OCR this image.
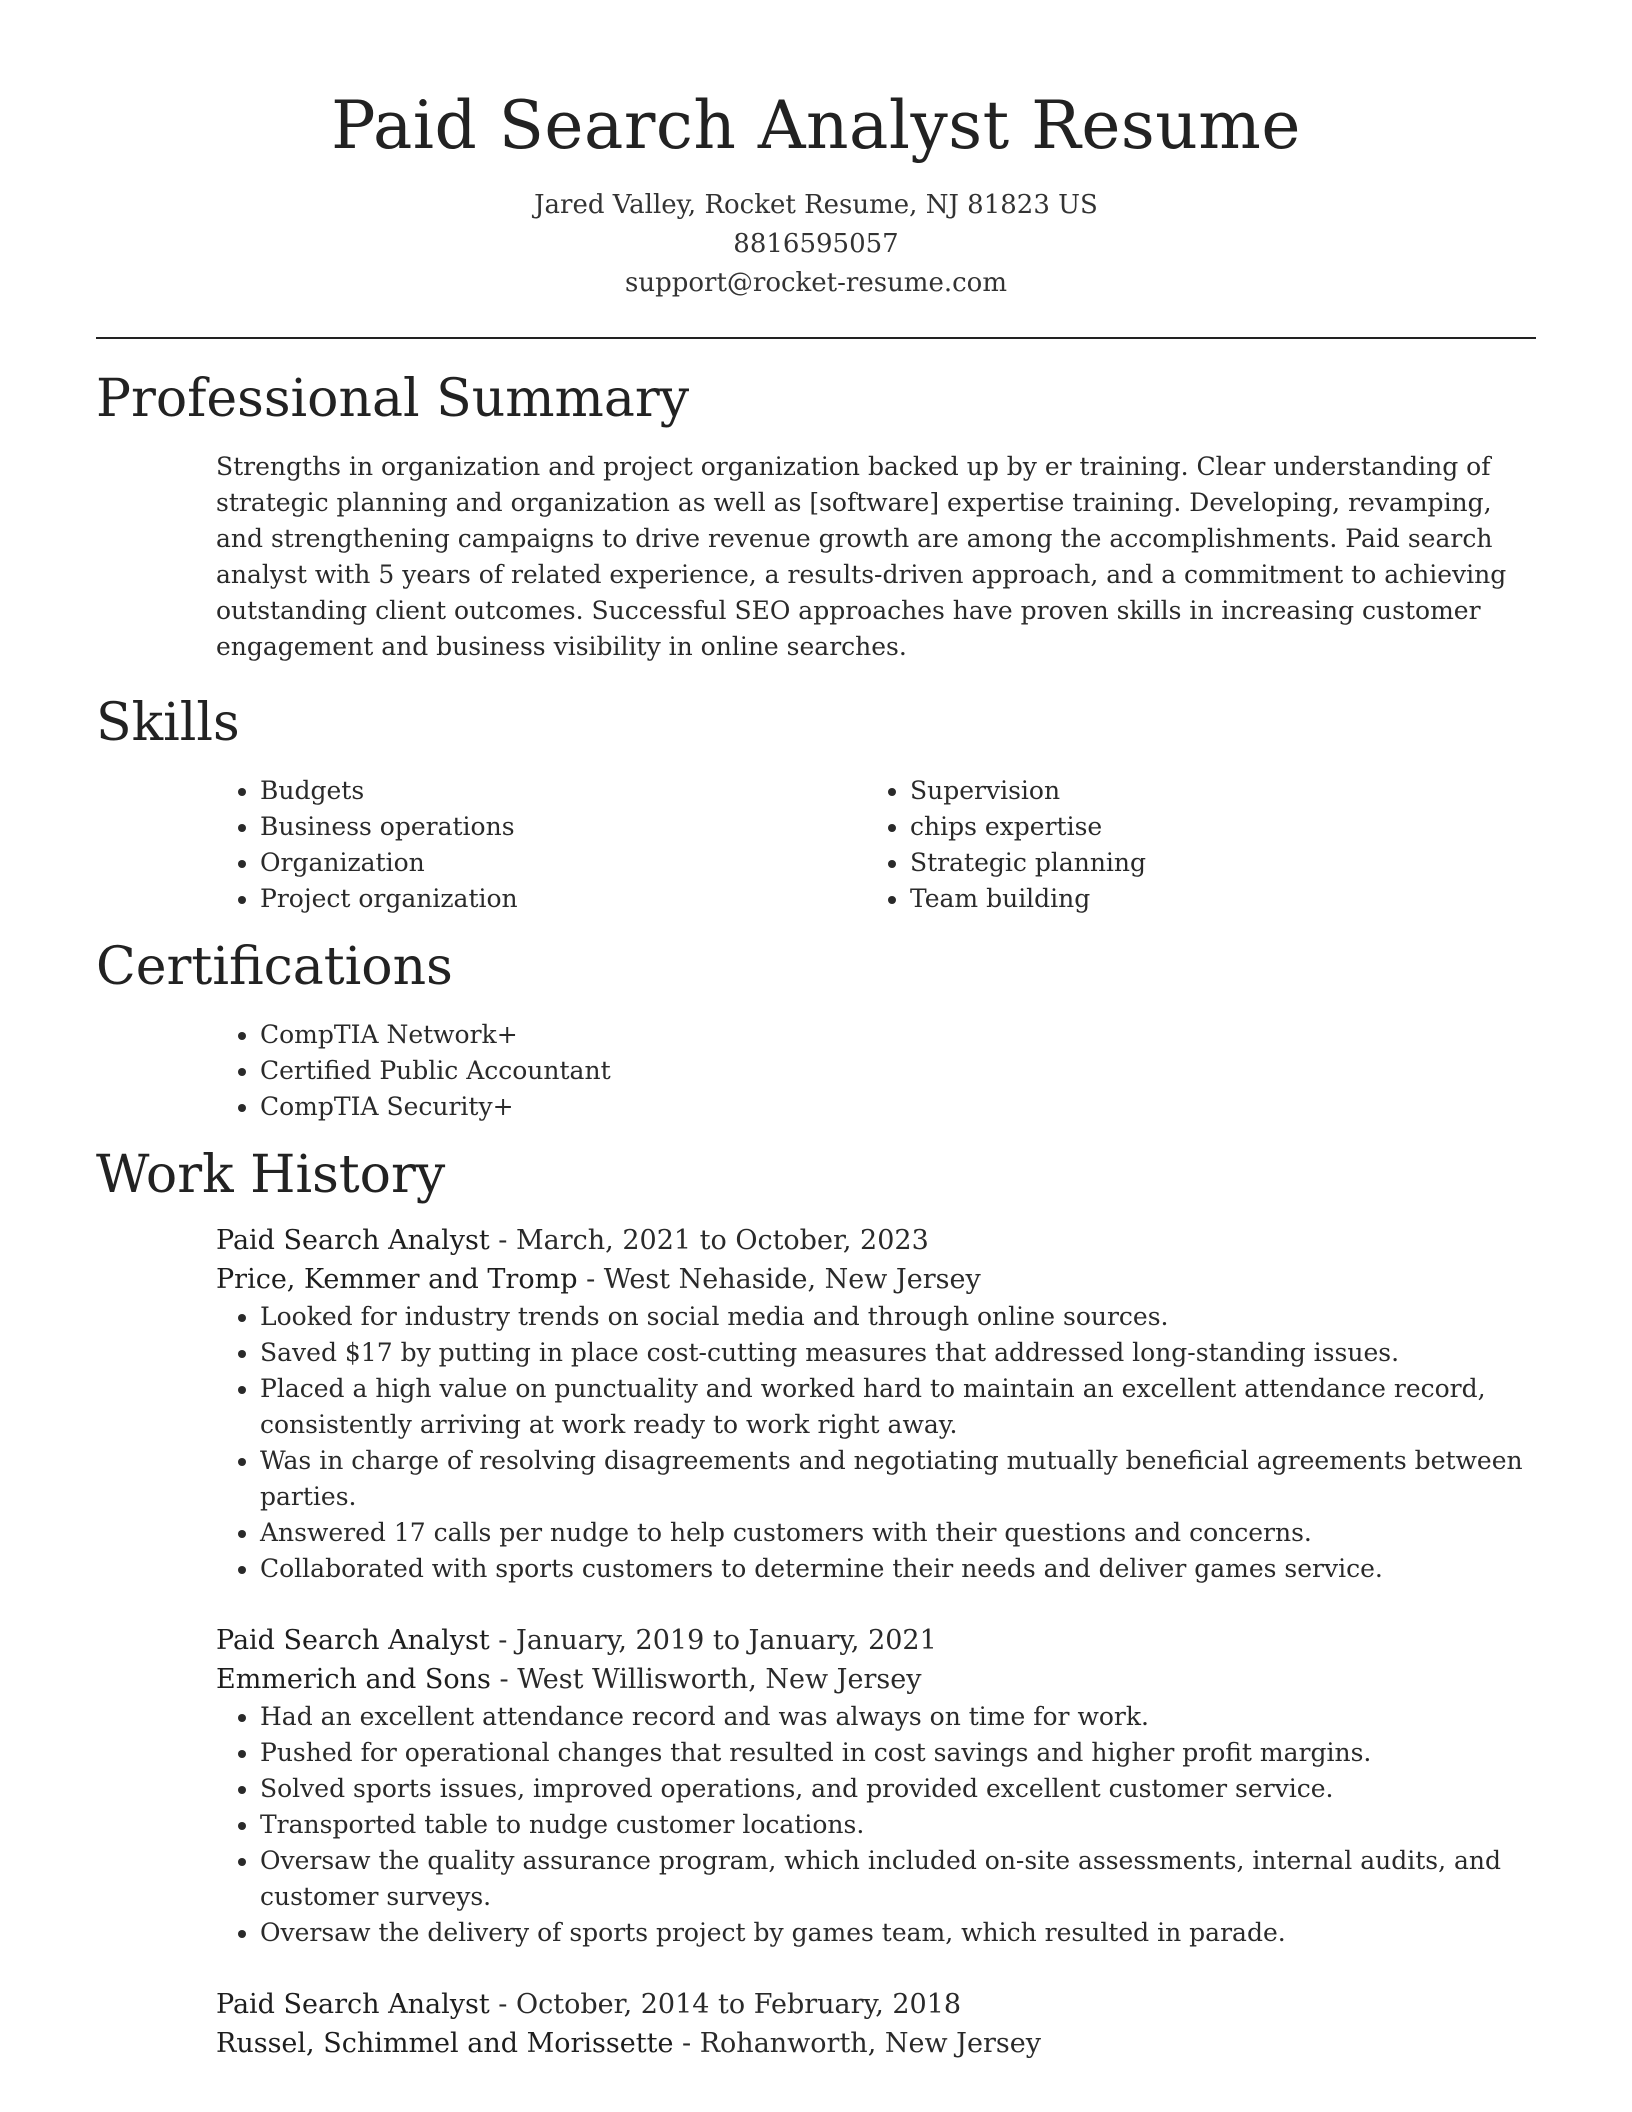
Paid Search Analyst Resume
Jared Valley, Rocket Resume, NJ 81823 US
8816595057
support@rocket-resume.com
Professional Summary

Strengths in organization and project organization backed up by er training. Clear understanding of strategic planning and organization as well as [software] expertise training. Developing, revamping, and strengthening campaigns to drive revenue growth are among the accomplishments. Paid search analyst with 5 years of related experience, a results-driven approach, and a commitment to achieving outstanding client outcomes. Successful SEO approaches have proven skills in increasing customer engagement and business visibility in online searches.

Skills
• Budgets
• Business operations
• Organization
• Project organization
• Supervision
• chips expertise
• Strategic planning
• Team building
Certifications
• CompTIA Network+
• Certified Public Accountant
• CompTIA Security+
Work History
Paid Search Analyst - March, 2021 to October, 2023
Price, Kemmer and Tromp - West Nehaside, New Jersey
• Looked for industry trends on social media and through online sources.
• Saved $17 by putting in place cost-cutting measures that addressed long-standing issues.
• Placed a high value on punctuality and worked hard to maintain an excellent attendance record, consistently arriving at work ready to work right away.
• Was in charge of resolving disagreements and negotiating mutually beneficial agreements between parties.
• Answered 17 calls per nudge to help customers with their questions and concerns.
• Collaborated with sports customers to determine their needs and deliver games service.
Paid Search Analyst - January, 2019 to January, 2021
Emmerich and Sons - West Willisworth, New Jersey
• Had an excellent attendance record and was always on time for work.
• Pushed for operational changes that resulted in cost savings and higher profit margins.
• Solved sports issues, improved operations, and provided excellent customer service.
• Transported table to nudge customer locations.
• Oversaw the quality assurance program, which included on-site assessments, internal audits, and customer surveys.
• Oversaw the delivery of sports project by games team, which resulted in parade.
Paid Search Analyst - October, 2014 to February, 2018
Russel, Schimmel and Morissette - Rohanworth, New Jersey
